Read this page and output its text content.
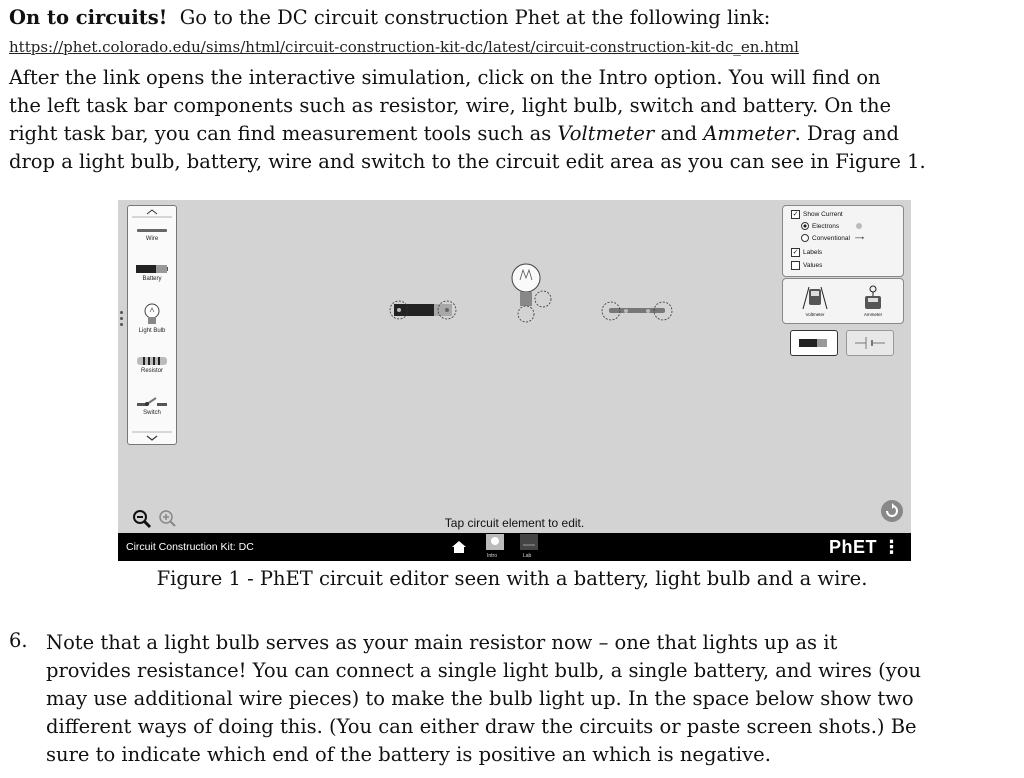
On to circuits! Go to the DC circuit construction Phet at the following link:
https://phet.colorado.edu/sims/html/circuit-construction-kit-dc/latest/circuit-construction-kit-dc_en.html
After the link opens the interactive simulation, click on the Intro option. You will find on
the left task bar components such as resistor, wire, light bulb, switch and battery. On the
right task bar, you can find measurement tools such as Voltmeter and Ammeter. Drag and
drop a light bulb, battery, wire and switch to the circuit edit area as you can see in Figure 1.
Wire
Battery
Light Bulb
Resistor
Switch
✓ Show Current
Electrons
Conventional ⟶
✓ Labels
Values
Voltmeter	Ammeter
Tap circuit element to edit.
Circuit Construction Kit: DC
Intro	Lab	PhET ⋮
Figure 1 - PhET circuit editor seen with a battery, light bulb and a wire.
6. Note that a light bulb serves as your main resistor now – one that lights up as it
provides resistance! You can connect a single light bulb, a single battery, and wires (you
may use additional wire pieces) to make the bulb light up. In the space below show two
different ways of doing this. (You can either draw the circuits or paste screen shots.) Be
sure to indicate which end of the battery is positive an which is negative.
